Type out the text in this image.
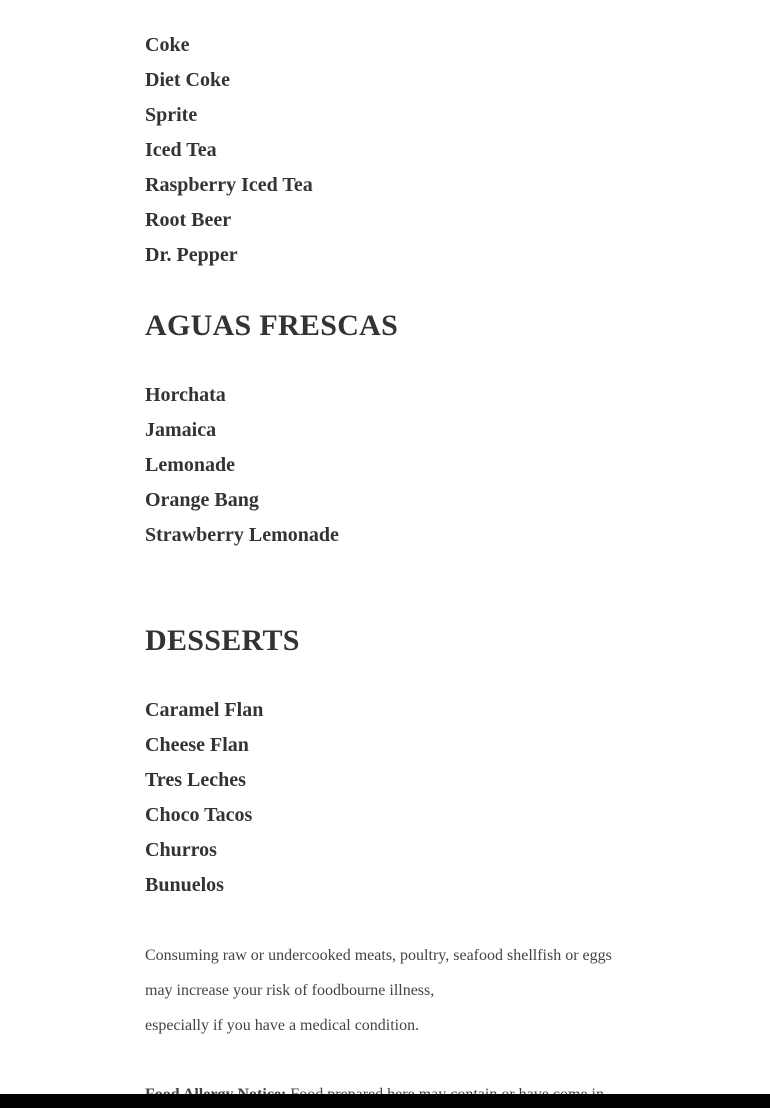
Coke

Diet Coke

Sprite

Iced Tea

Raspberry Iced Tea

Root Beer

Dr. Pepper

AGUAS FRESCAS

Horchata

Jamaica

Lemonade

Orange Bang

Strawberry Lemonade

DESSERTS

Caramel Flan

Cheese Flan

Tres Leches

Choco Tacos

Churros

Bunuelos

Consuming raw or undercooked meats, poultry, seafood shellfish or eggs

may increase your risk of foodbourne illness,

especially if you have a medical condition.
